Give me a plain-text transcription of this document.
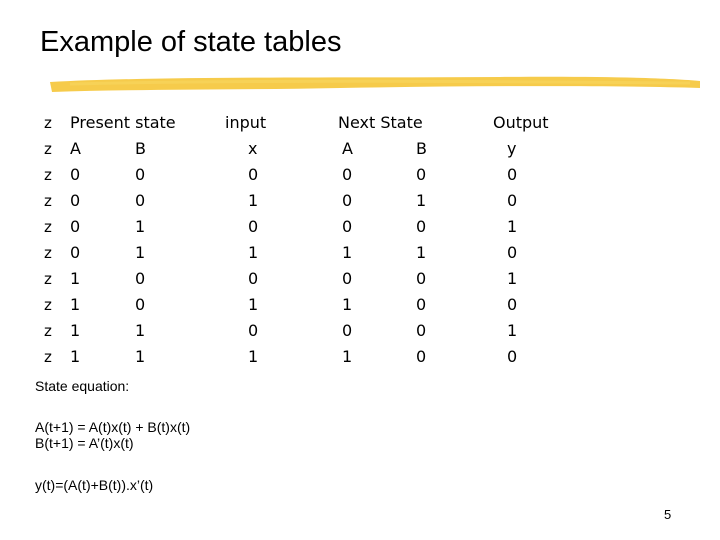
Example of state tables
z Present state	input	Next State	Output
z A	B	x	A	B	y
z 0	0	0	0	0	0
z 0	0	1	0	1	0
z 0	1	0	0	0	1
z 0	1	1	1	1	0
z 1	0	0	0	0	1
z 1	0	1	1	0	0
z 1	1	0	0	0	1
z 1	1	1	1	0	0
State equation:
A(t+1) = A(t)x(t) + B(t)x(t)
B(t+1) = A’(t)x(t)
y(t)=(A(t)+B(t)).x’(t)
5
